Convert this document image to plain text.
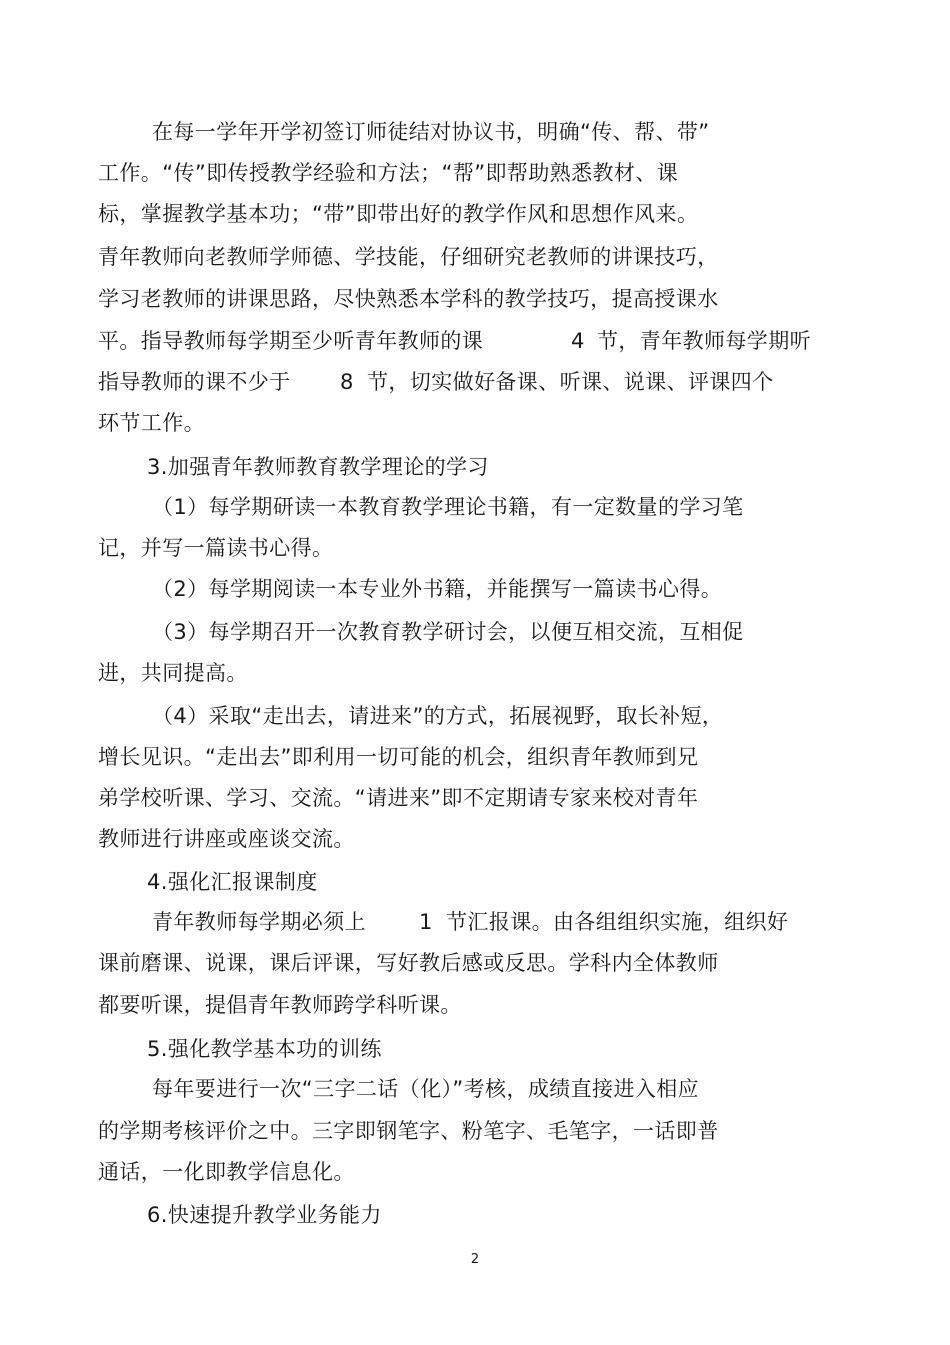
在每一学年开学初签订师徒结对协议书，明确“传、帮、带”
工作。“传”即传授教学经验和方法；“帮”即帮助熟悉教材、课
标，掌握教学基本功；“带”即带出好的教学作风和思想作风来。
青年教师向老教师学师德、学技能，仔细研究老教师的讲课技巧，
学习老教师的讲课思路，尽快熟悉本学科的教学技巧，提高授课水
平。指导教师每学期至少听青年教师的课	4 节，青年教师每学期听
指导教师的课不少于 8 节，切实做好备课、听课、说课、评课四个
环节工作。
3.加强青年教师教育教学理论的学习
（1）每学期研读一本教育教学理论书籍，有一定数量的学习笔
记，并写一篇读书心得。
（2）每学期阅读一本专业外书籍，并能撰写一篇读书心得。
（3）每学期召开一次教育教学研讨会，以便互相交流，互相促
进，共同提高。
（4）采取“走出去，请进来”的方式，拓展视野，取长补短，
增长见识。“走出去”即利用一切可能的机会，组织青年教师到兄
弟学校听课、学习、交流。“请进来”即不定期请专家来校对青年
教师进行讲座或座谈交流。
4.强化汇报课制度
青年教师每学期必须上	1 节汇报课。由各组组织实施，组织好
课前磨课、说课，课后评课，写好教后感或反思。学科内全体教师
都要听课，提倡青年教师跨学科听课。
5.强化教学基本功的训练
每年要进行一次“三字二话（化）”考核，成绩直接进入相应
的学期考核评价之中。三字即钢笔字、粉笔字、毛笔字，一话即普
通话，一化即教学信息化。
6.快速提升教学业务能力
2
